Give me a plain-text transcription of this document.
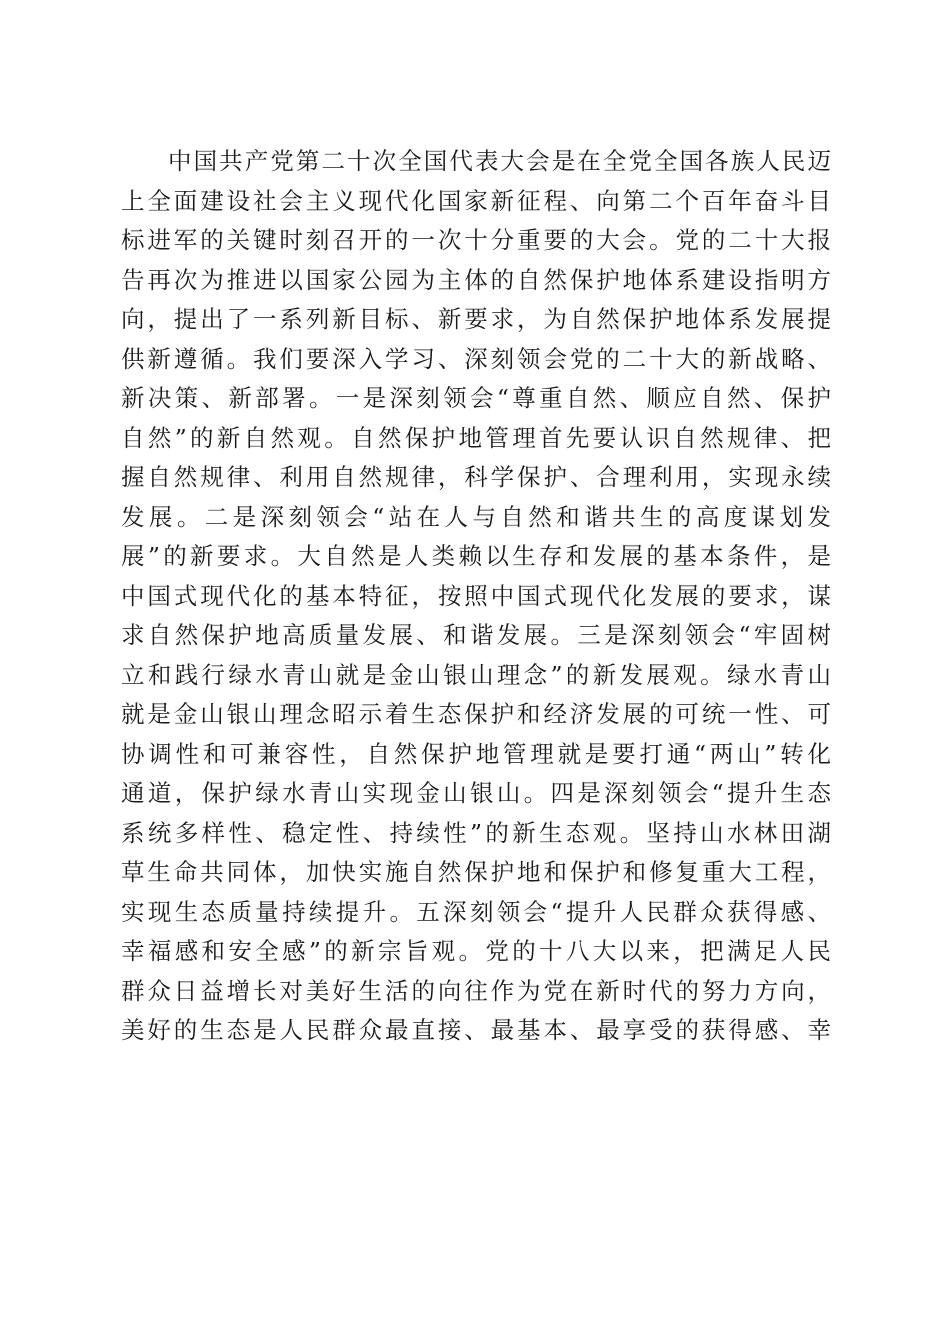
中国共产党第二十次全国代表大会是在全党全国各族人民迈
上全面建设社会主义现代化国家新征程、向第二个百年奋斗目
标进军的关键时刻召开的一次十分重要的大会。党的二十大报
告再次为推进以国家公园为主体的自然保护地体系建设指明方
向，提出了一系列新目标、新要求，为自然保护地体系发展提
供新遵循。我们要深入学习、深刻领会党的二十大的新战略、
新决策、新部署。一是深刻领会“尊重自然、顺应自然、保护
自然”的新自然观。自然保护地管理首先要认识自然规律、把
握自然规律、利用自然规律，科学保护、合理利用，实现永续
发展。二是深刻领会“站在人与自然和谐共生的高度谋划发
展”的新要求。大自然是人类赖以生存和发展的基本条件，是
中国式现代化的基本特征，按照中国式现代化发展的要求，谋
求自然保护地高质量发展、和谐发展。三是深刻领会“牢固树
立和践行绿水青山就是金山银山理念”的新发展观。绿水青山
就是金山银山理念昭示着生态保护和经济发展的可统一性、可
协调性和可兼容性，自然保护地管理就是要打通“两山”转化
通道，保护绿水青山实现金山银山。四是深刻领会“提升生态
系统多样性、稳定性、持续性”的新生态观。坚持山水林田湖
草生命共同体，加快实施自然保护地和保护和修复重大工程，
实现生态质量持续提升。五深刻领会“提升人民群众获得感、
幸福感和安全感”的新宗旨观。党的十八大以来，把满足人民
群众日益增长对美好生活的向往作为党在新时代的努力方向，
美好的生态是人民群众最直接、最基本、最享受的获得感、幸
